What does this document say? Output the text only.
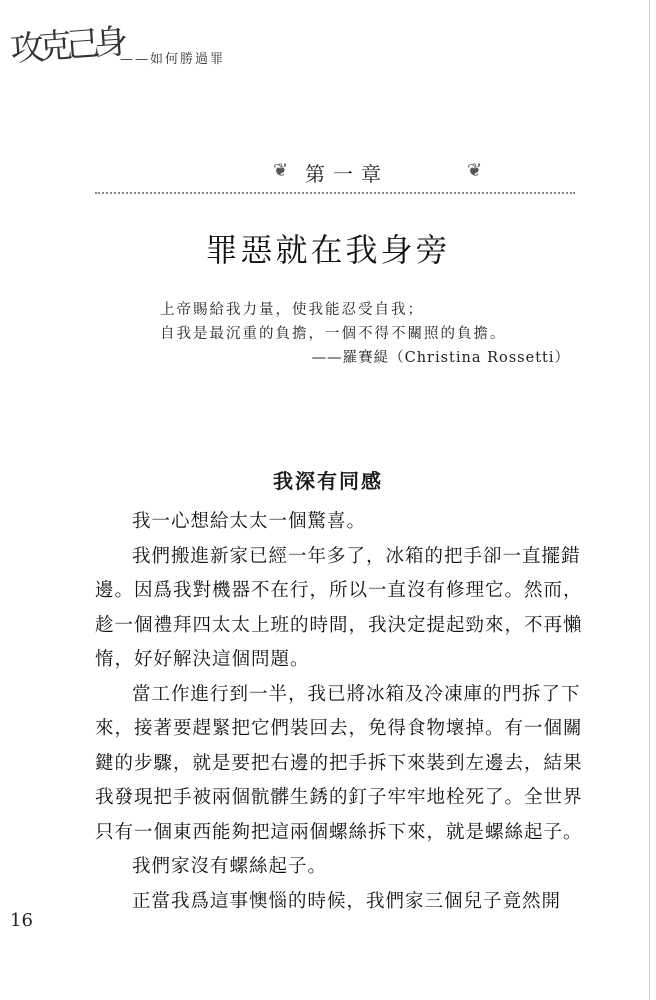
攻克己身
——如何勝過罪
❦ 第一章	❦
罪惡就在我身旁
上帝賜給我力量，使我能忍受自我；
自我是最沉重的負擔，一個不得不關照的負擔。
——羅賽緹（Christina Rossetti）
我深有同感

我一心想給太太一個驚喜。

我們搬進新家已經一年多了，冰箱的把手卻一直擺錯邊。因爲我對機器不在行，所以一直沒有修理它。然而，趁一個禮拜四太太上班的時間，我決定提起勁來，不再懶惰，好好解決這個問題。

當工作進行到一半，我已將冰箱及冷凍庫的門拆了下來，接著要趕緊把它們裝回去，免得食物壞掉。有一個關鍵的步驟，就是要把右邊的把手拆下來裝到左邊去，結果我發現把手被兩個骯髒生銹的釘子牢牢地栓死了。全世界只有一個東西能夠把這兩個螺絲拆下來，就是螺絲起子。

我們家沒有螺絲起子。

正當我爲這事懊惱的時候，我們家三個兒子竟然開

16
